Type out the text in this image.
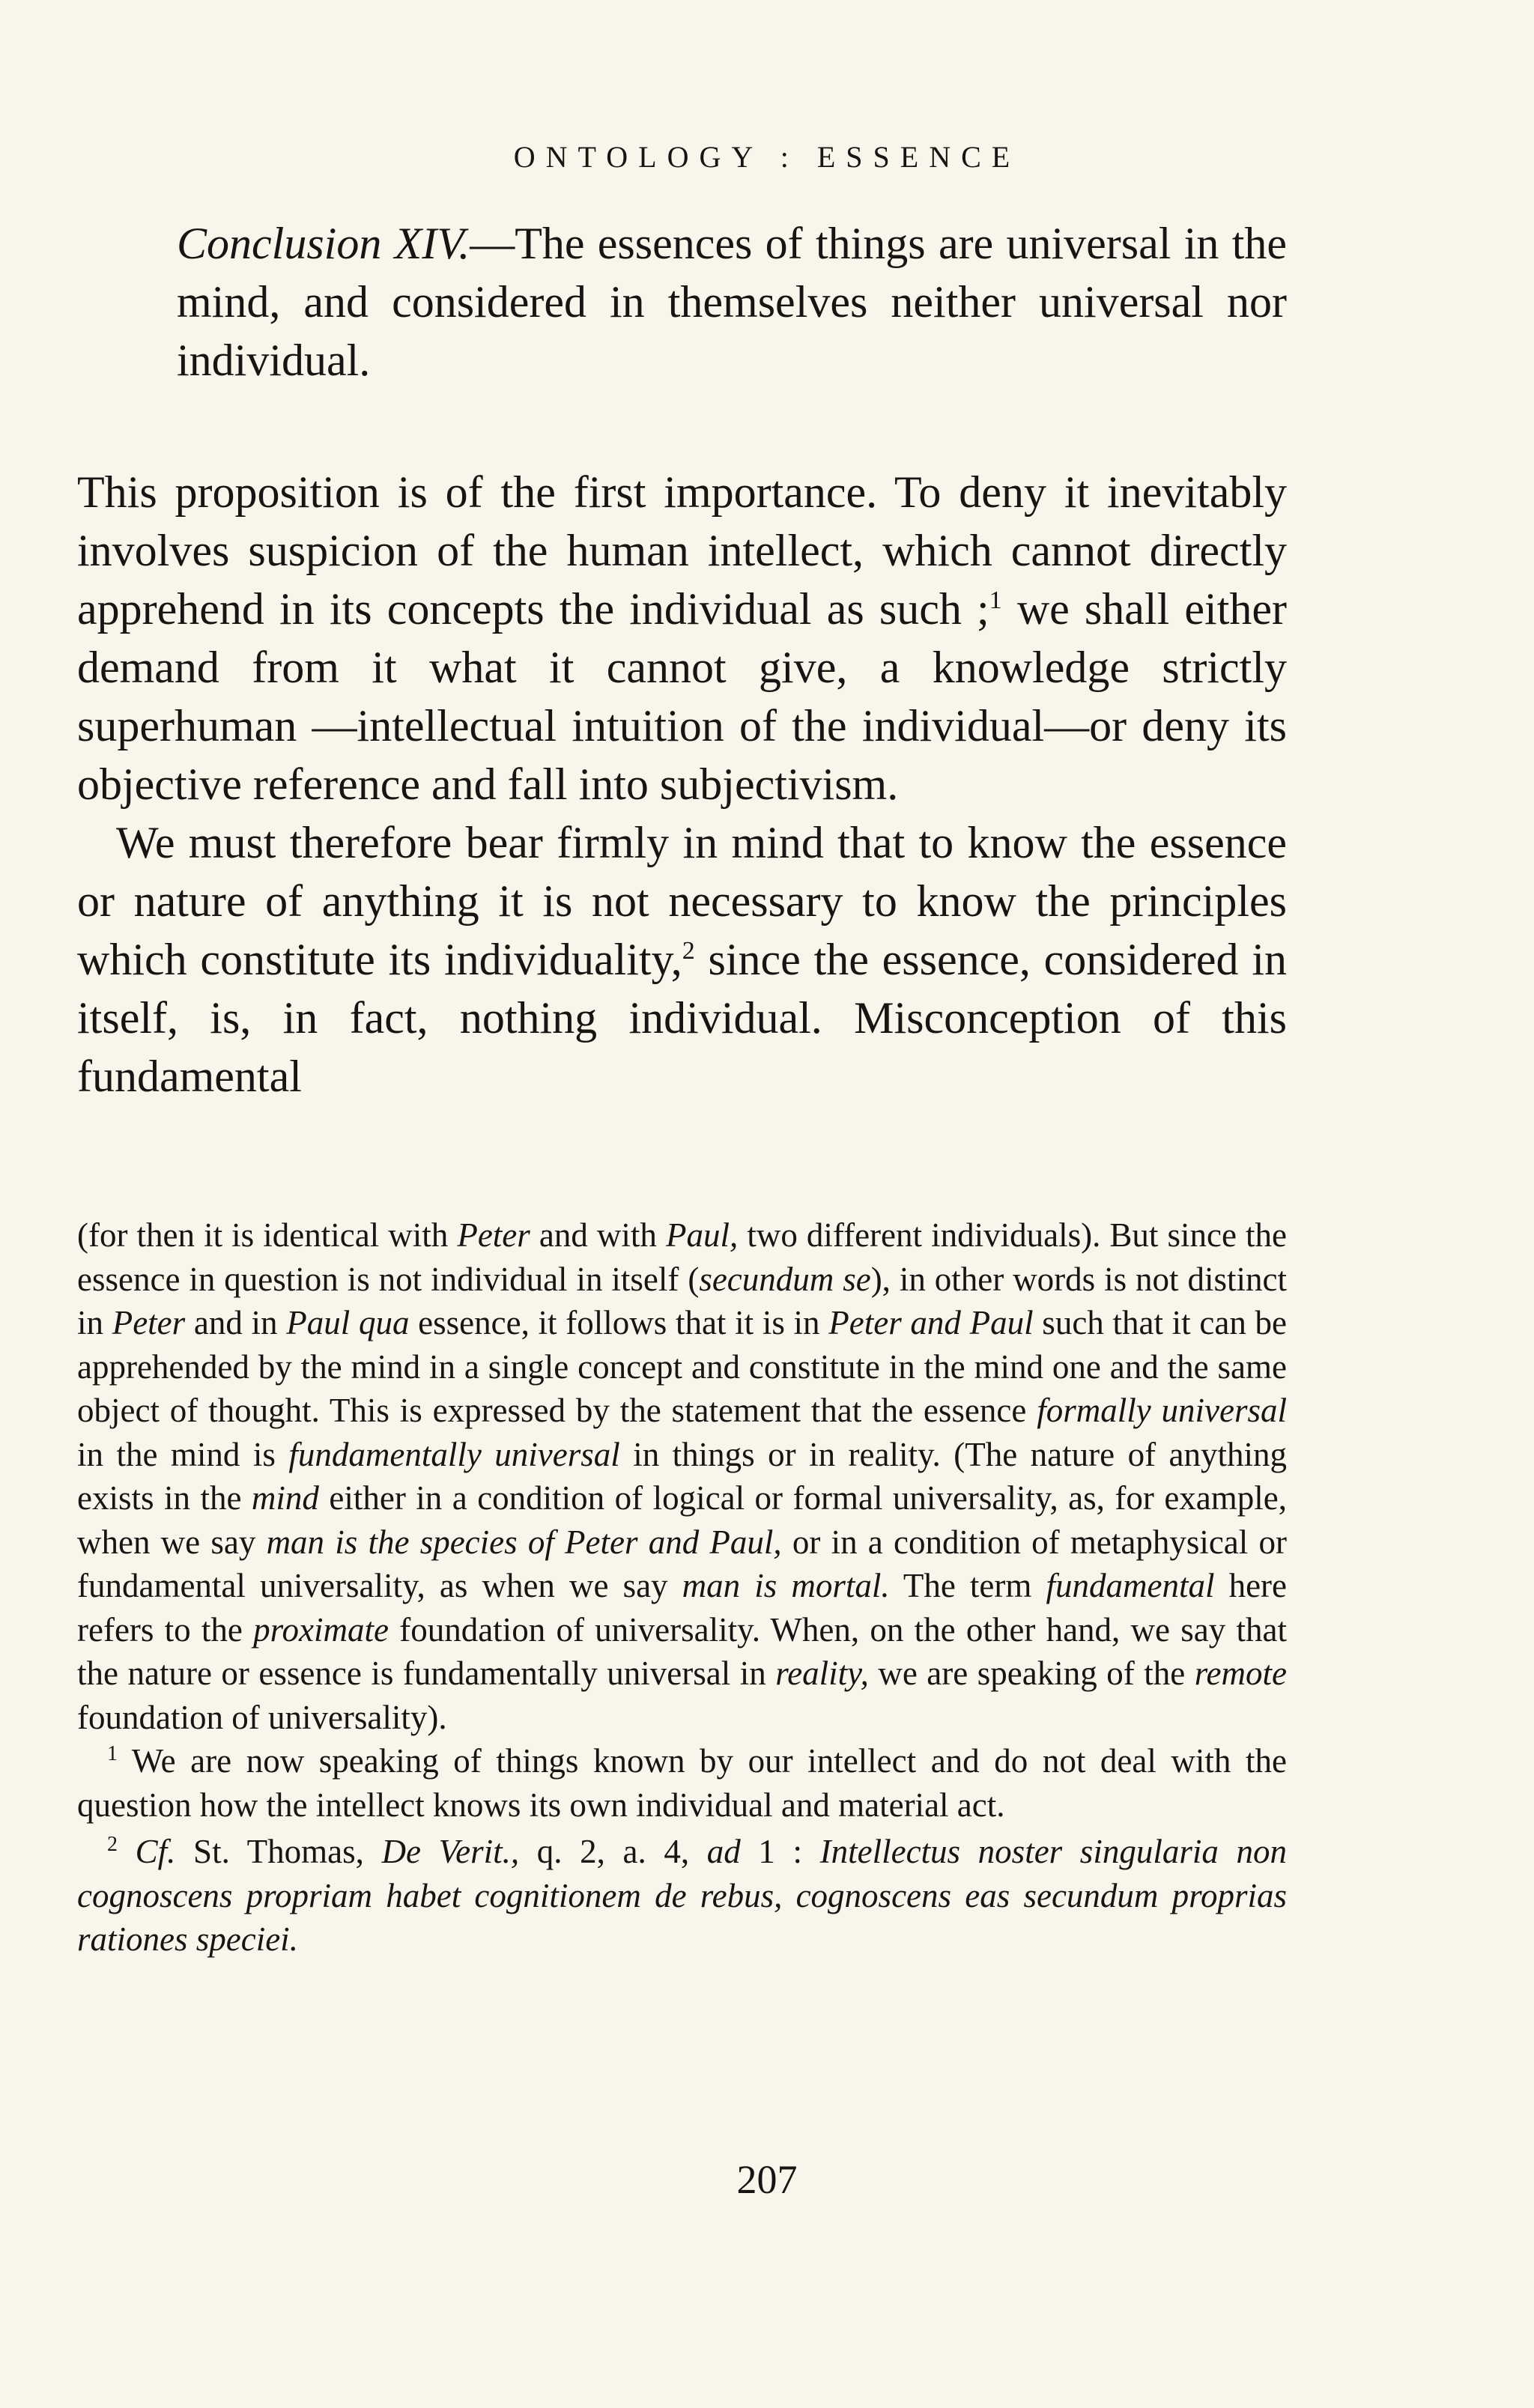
ONTOLOGY : ESSENCE
Conclusion XIV.—The essences of things are universal in the mind, and considered in themselves neither universal nor individual.

This proposition is of the first importance. To deny it inevitably involves suspicion of the human intellect, which cannot directly apprehend in its concepts the individual as such ;$^1$ we shall either demand from it what it cannot give, a knowledge strictly superhuman —intellectual intuition of the individual—or deny its objective reference and fall into subjectivism.

We must therefore bear firmly in mind that to know the essence or nature of anything it is not necessary to know the principles which constitute its individuality,$^2$ since the essence, considered in itself, is, in fact, nothing individual. Misconception of this fundamental

(for then it is identical with Peter and with Paul, two different individuals). But since the essence in question is not individual in itself (secundum se), in other words is not distinct in Peter and in Paul qua essence, it follows that it is in Peter and Paul such that it can be apprehended by the mind in a single concept and constitute in the mind one and the same object of thought. This is expressed by the statement that the essence formally universal in the mind is fundamentally universal in things or in reality. (The nature of anything exists in the mind either in a condition of logical or formal universality, as, for example, when we say man is the species of Peter and Paul, or in a condition of metaphysical or fundamental universality, as when we say man is mortal. The term fundamental here refers to the proximate foundation of universality. When, on the other hand, we say that the nature or essence is fundamentally universal in reality, we are speaking of the remote foundation of universality).

$^1$ We are now speaking of things known by our intellect and do not deal with the question how the intellect knows its own individual and material act.

$^2$ Cf. St. Thomas, De Verit., q. 2, a. 4, ad 1 : Intellectus noster singularia non cognoscens propriam habet cognitionem de rebus, cognoscens eas secundum proprias rationes speciei.

207
